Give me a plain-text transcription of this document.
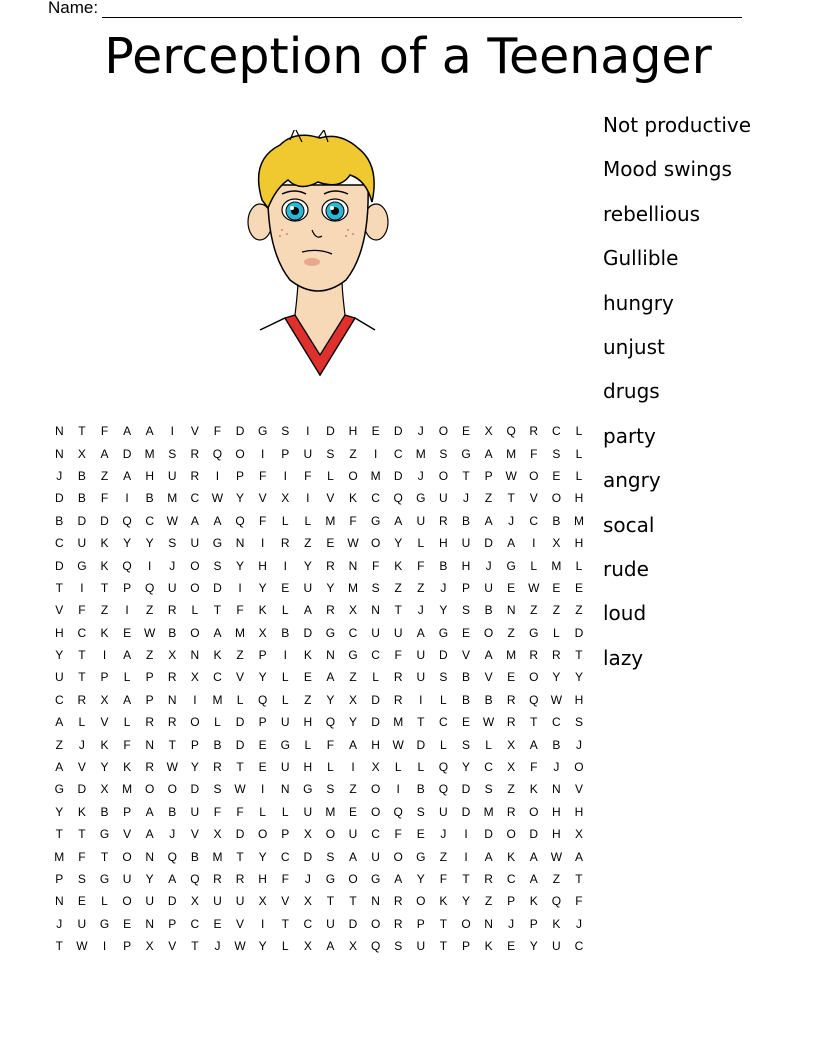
Name:
Perception of a Teenager
Not productive
Mood swings
rebellious
Gullible
hungry
unjust
drugs
party
angry
socal
rude
loud
lazy
N	T	F	A	A	I	V	F	D	G	S	I	D	H	E	D	J	O	E	X	Q	R	C	L
N	X	A	D	M	S	R	Q	O	I	P	U	S	Z	I	C	M	S	G	A	M	F	S	L
J	B	Z	A	H	U	R	I	P	F	I	F	L	O	M	D	J	O	T	P	W	O	E	L
D	B	F	I	B	M	C	W	Y	V	X	I	V	K	C	Q	G	U	J	Z	T	V	O	H
B	D	D	Q	C	W	A	A	Q	F	L	L	M	F	G	A	U	R	B	A	J	C	B	M
C	U	K	Y	Y	S	U	G	N	I	R	Z	E	W	O	Y	L	H	U	D	A	I	X	H
D	G	K	Q	I	J	O	S	Y	H	I	Y	R	N	F	K	F	B	H	J	G	L	M	L
T	I	T	P	Q	U	O	D	I	Y	E	U	Y	M	S	Z	Z	J	P	U	E	W	E	E
V	F	Z	I	Z	R	L	T	F	K	L	A	R	X	N	T	J	Y	S	B	N	Z	Z	Z
H	C	K	E	W	B	O	A	M	X	B	D	G	C	U	U	A	G	E	O	Z	G	L	D
Y	T	I	A	Z	X	N	K	Z	P	I	K	N	G	C	F	U	D	V	A	M	R	R	T
U	T	P	L	P	R	X	C	V	Y	L	E	A	Z	L	R	U	S	B	V	E	O	Y	Y
C	R	X	A	P	N	I	M	L	Q	L	Z	Y	X	D	R	I	L	B	B	R	Q	W	H
A	L	V	L	R	R	O	L	D	P	U	H	Q	Y	D	M	T	C	E	W	R	T	C	S
Z	J	K	F	N	T	P	B	D	E	G	L	F	A	H	W	D	L	S	L	X	A	B	J
A	V	Y	K	R	W	Y	R	T	E	U	H	L	I	X	L	L	Q	Y	C	X	F	J	O
G	D	X	M	O	O	D	S	W	I	N	G	S	Z	O	I	B	Q	D	S	Z	K	N	V
Y	K	B	P	A	B	U	F	F	L	L	U	M	E	O	Q	S	U	D	M	R	O	H	H
T	T	G	V	A	J	V	X	D	O	P	X	O	U	C	F	E	J	I	D	O	D	H	X
M	F	T	O	N	Q	B	M	T	Y	C	D	S	A	U	O	G	Z	I	A	K	A	W	A
P	S	G	U	Y	A	Q	R	R	H	F	J	G	O	G	A	Y	F	T	R	C	A	Z	T
N	E	L	O	U	D	X	U	U	X	V	X	T	T	N	R	O	K	Y	Z	P	K	Q	F
J	U	G	E	N	P	C	E	V	I	T	C	U	D	O	R	P	T	O	N	J	P	K	J
T	W	I	P	X	V	T	J	W	Y	L	X	A	X	Q	S	U	T	P	K	E	Y	U	C
